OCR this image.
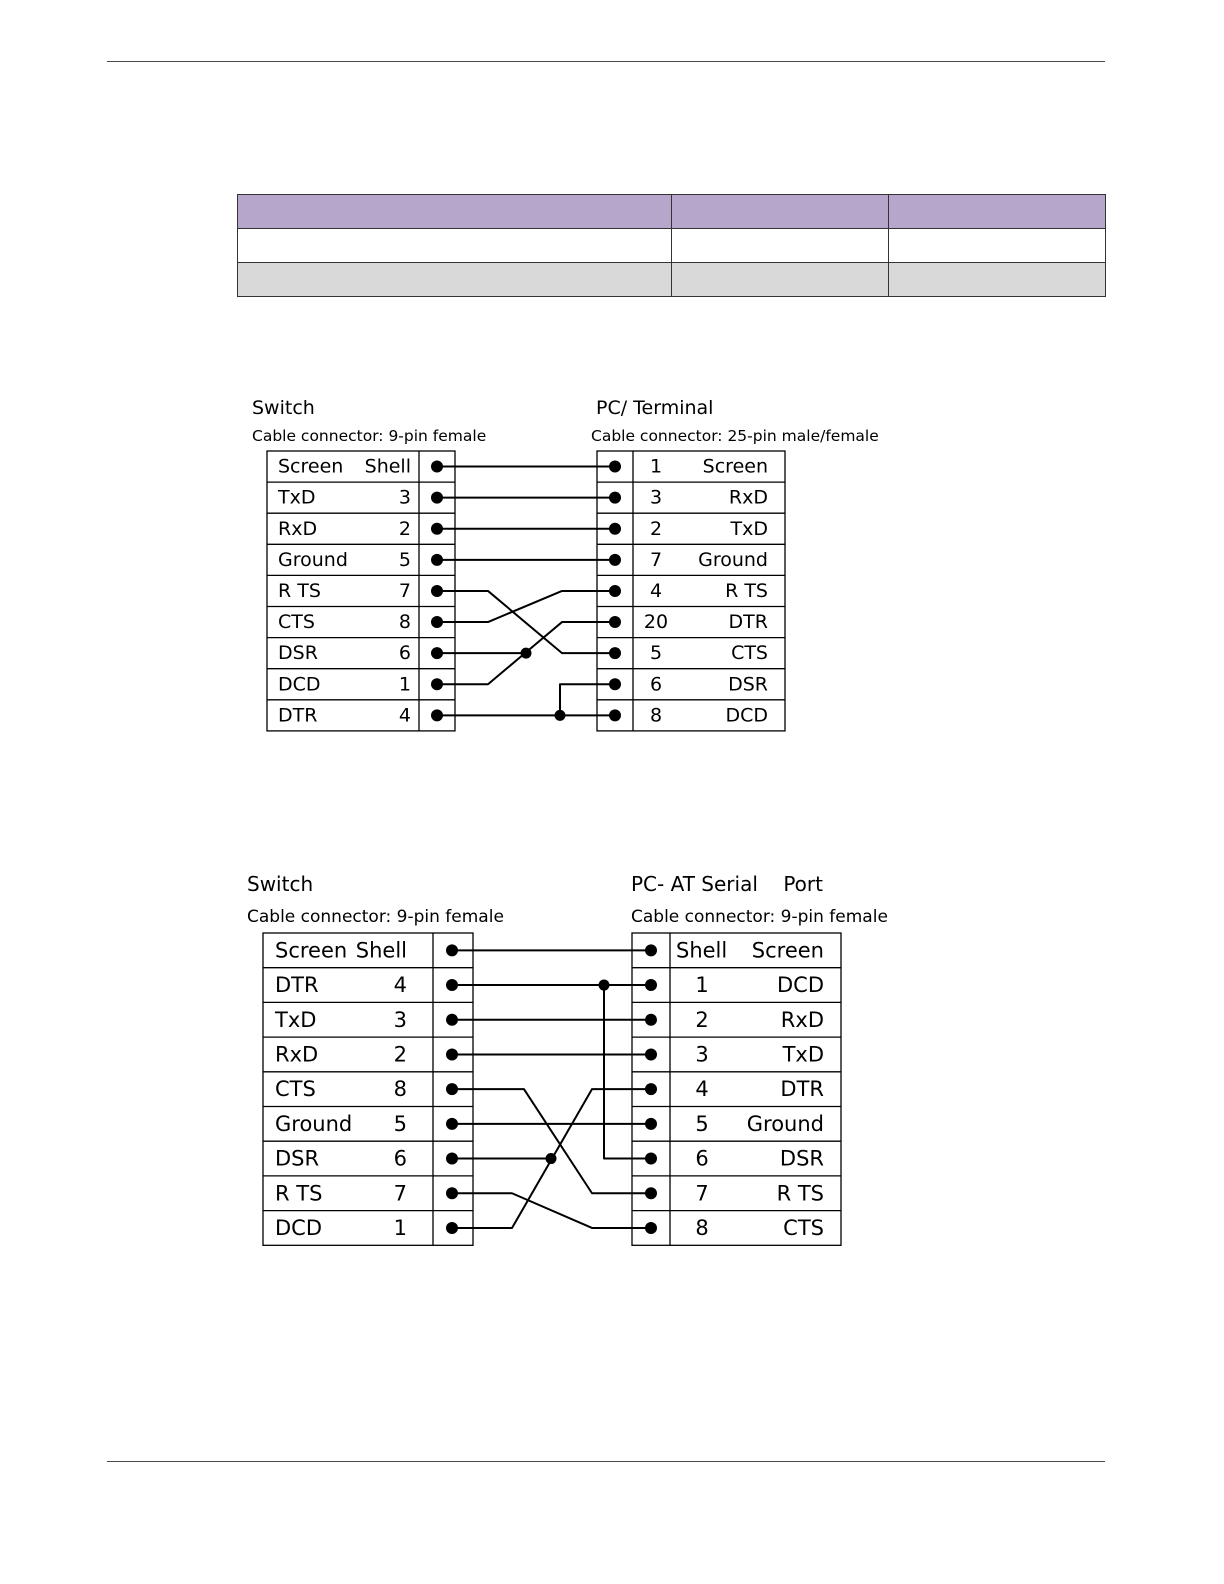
Switch
Cable connector: 9-pin female
PC/ Terminal
Cable connector: 25-pin male/female
Screen Shell
TxD	3
RxD	2
Ground	5
R TS	7
CTS	8
DSR	6
DCD	1
DTR	4
1 Screen
3	RxD
2	TxD
7 Ground
4	R TS
20	DTR
5	CTS
6	DSR
8	DCD
Switch
Cable connector: 9-pin female
PC- AT Serial    Port
Cable connector: 9-pin female
Screen Shell
DTR	4
TxD	3
RxD	2
CTS	8
Ground 5
DSR	6
R TS	7
DCD	1
Shell Screen
1	DCD
2	RxD
3	TxD
4	DTR
5 Ground
6	DSR
7	R TS
8	CTS
